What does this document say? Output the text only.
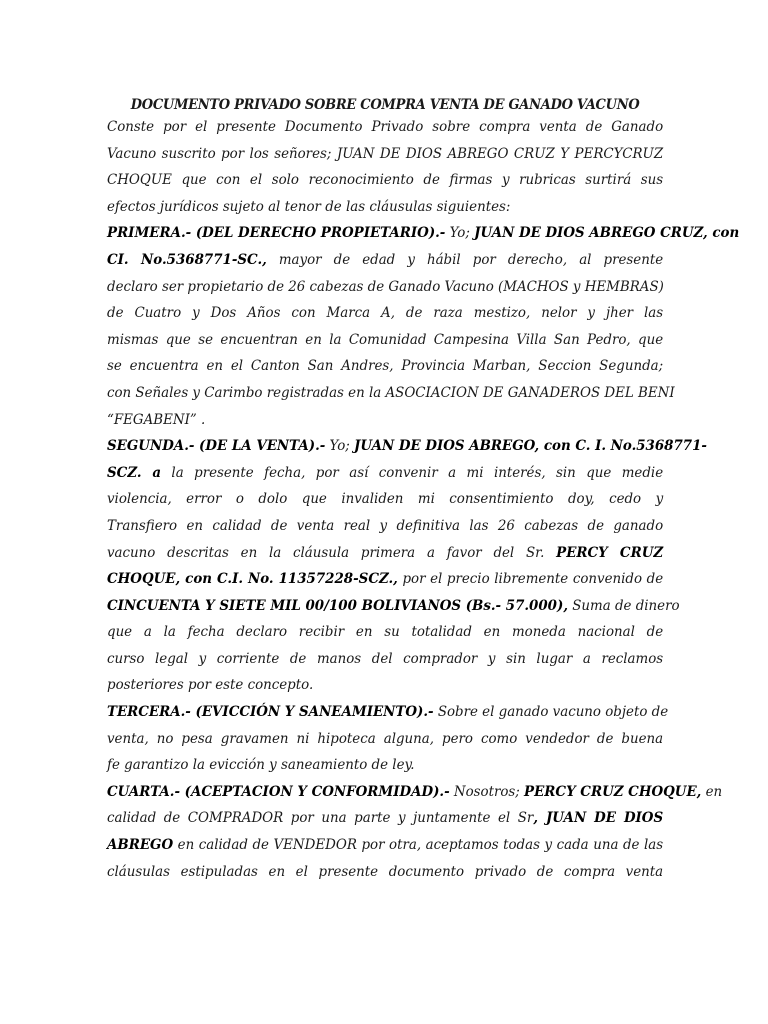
DOCUMENTO PRIVADO SOBRE COMPRA VENTA DE GANADO VACUNO
Conste por el presente Documento Privado sobre compra venta de Ganado
Vacuno suscrito por los señores; JUAN DE DIOS ABREGO CRUZ Y PERCYCRUZ
CHOQUE que con el solo reconocimiento de firmas y rubricas surtirá sus
efectos jurídicos sujeto al tenor de las cláusulas siguientes:
PRIMERA.- (DEL DERECHO PROPIETARIO).- Yo; JUAN DE DIOS ABREGO CRUZ, con
CI. No.5368771-SC., mayor de edad y hábil por derecho, al presente
declaro ser propietario de 26 cabezas de Ganado Vacuno (MACHOS y HEMBRAS)
de Cuatro y Dos Años con Marca A, de raza mestizo, nelor y jher las
mismas que se encuentran en la Comunidad Campesina Villa San Pedro, que
se encuentra en el Canton San Andres, Provincia Marban, Seccion Segunda;
con Señales y Carimbo registradas en la ASOCIACION DE GANADEROS DEL BENI
“FEGABENI” .
SEGUNDA.- (DE LA VENTA).- Yo; JUAN DE DIOS ABREGO, con C. I. No.5368771-
SCZ. a la presente fecha, por así convenir a mi interés, sin que medie
violencia, error o dolo que invaliden mi consentimiento doy, cedo y
Transfiero en calidad de venta real y definitiva las 26 cabezas de ganado
vacuno descritas en la cláusula primera a favor del Sr. PERCY CRUZ
CHOQUE, con C.I. No. 11357228-SCZ., por el precio libremente convenido de
CINCUENTA Y SIETE MIL 00/100 BOLIVIANOS (Bs.- 57.000), Suma de dinero
que a la fecha declaro recibir en su totalidad en moneda nacional de
curso legal y corriente de manos del comprador y sin lugar a reclamos
posteriores por este concepto.
TERCERA.- (EVICCIÓN Y SANEAMIENTO).- Sobre el ganado vacuno objeto de
venta, no pesa gravamen ni hipoteca alguna, pero como vendedor de buena
fe garantizo la evicción y saneamiento de ley.
CUARTA.- (ACEPTACION Y CONFORMIDAD).- Nosotros; PERCY CRUZ CHOQUE, en
calidad de COMPRADOR por una parte y juntamente el Sr, JUAN DE DIOS
ABREGO en calidad de VENDEDOR por otra, aceptamos todas y cada una de las
cláusulas estipuladas en el presente documento privado de compra venta
